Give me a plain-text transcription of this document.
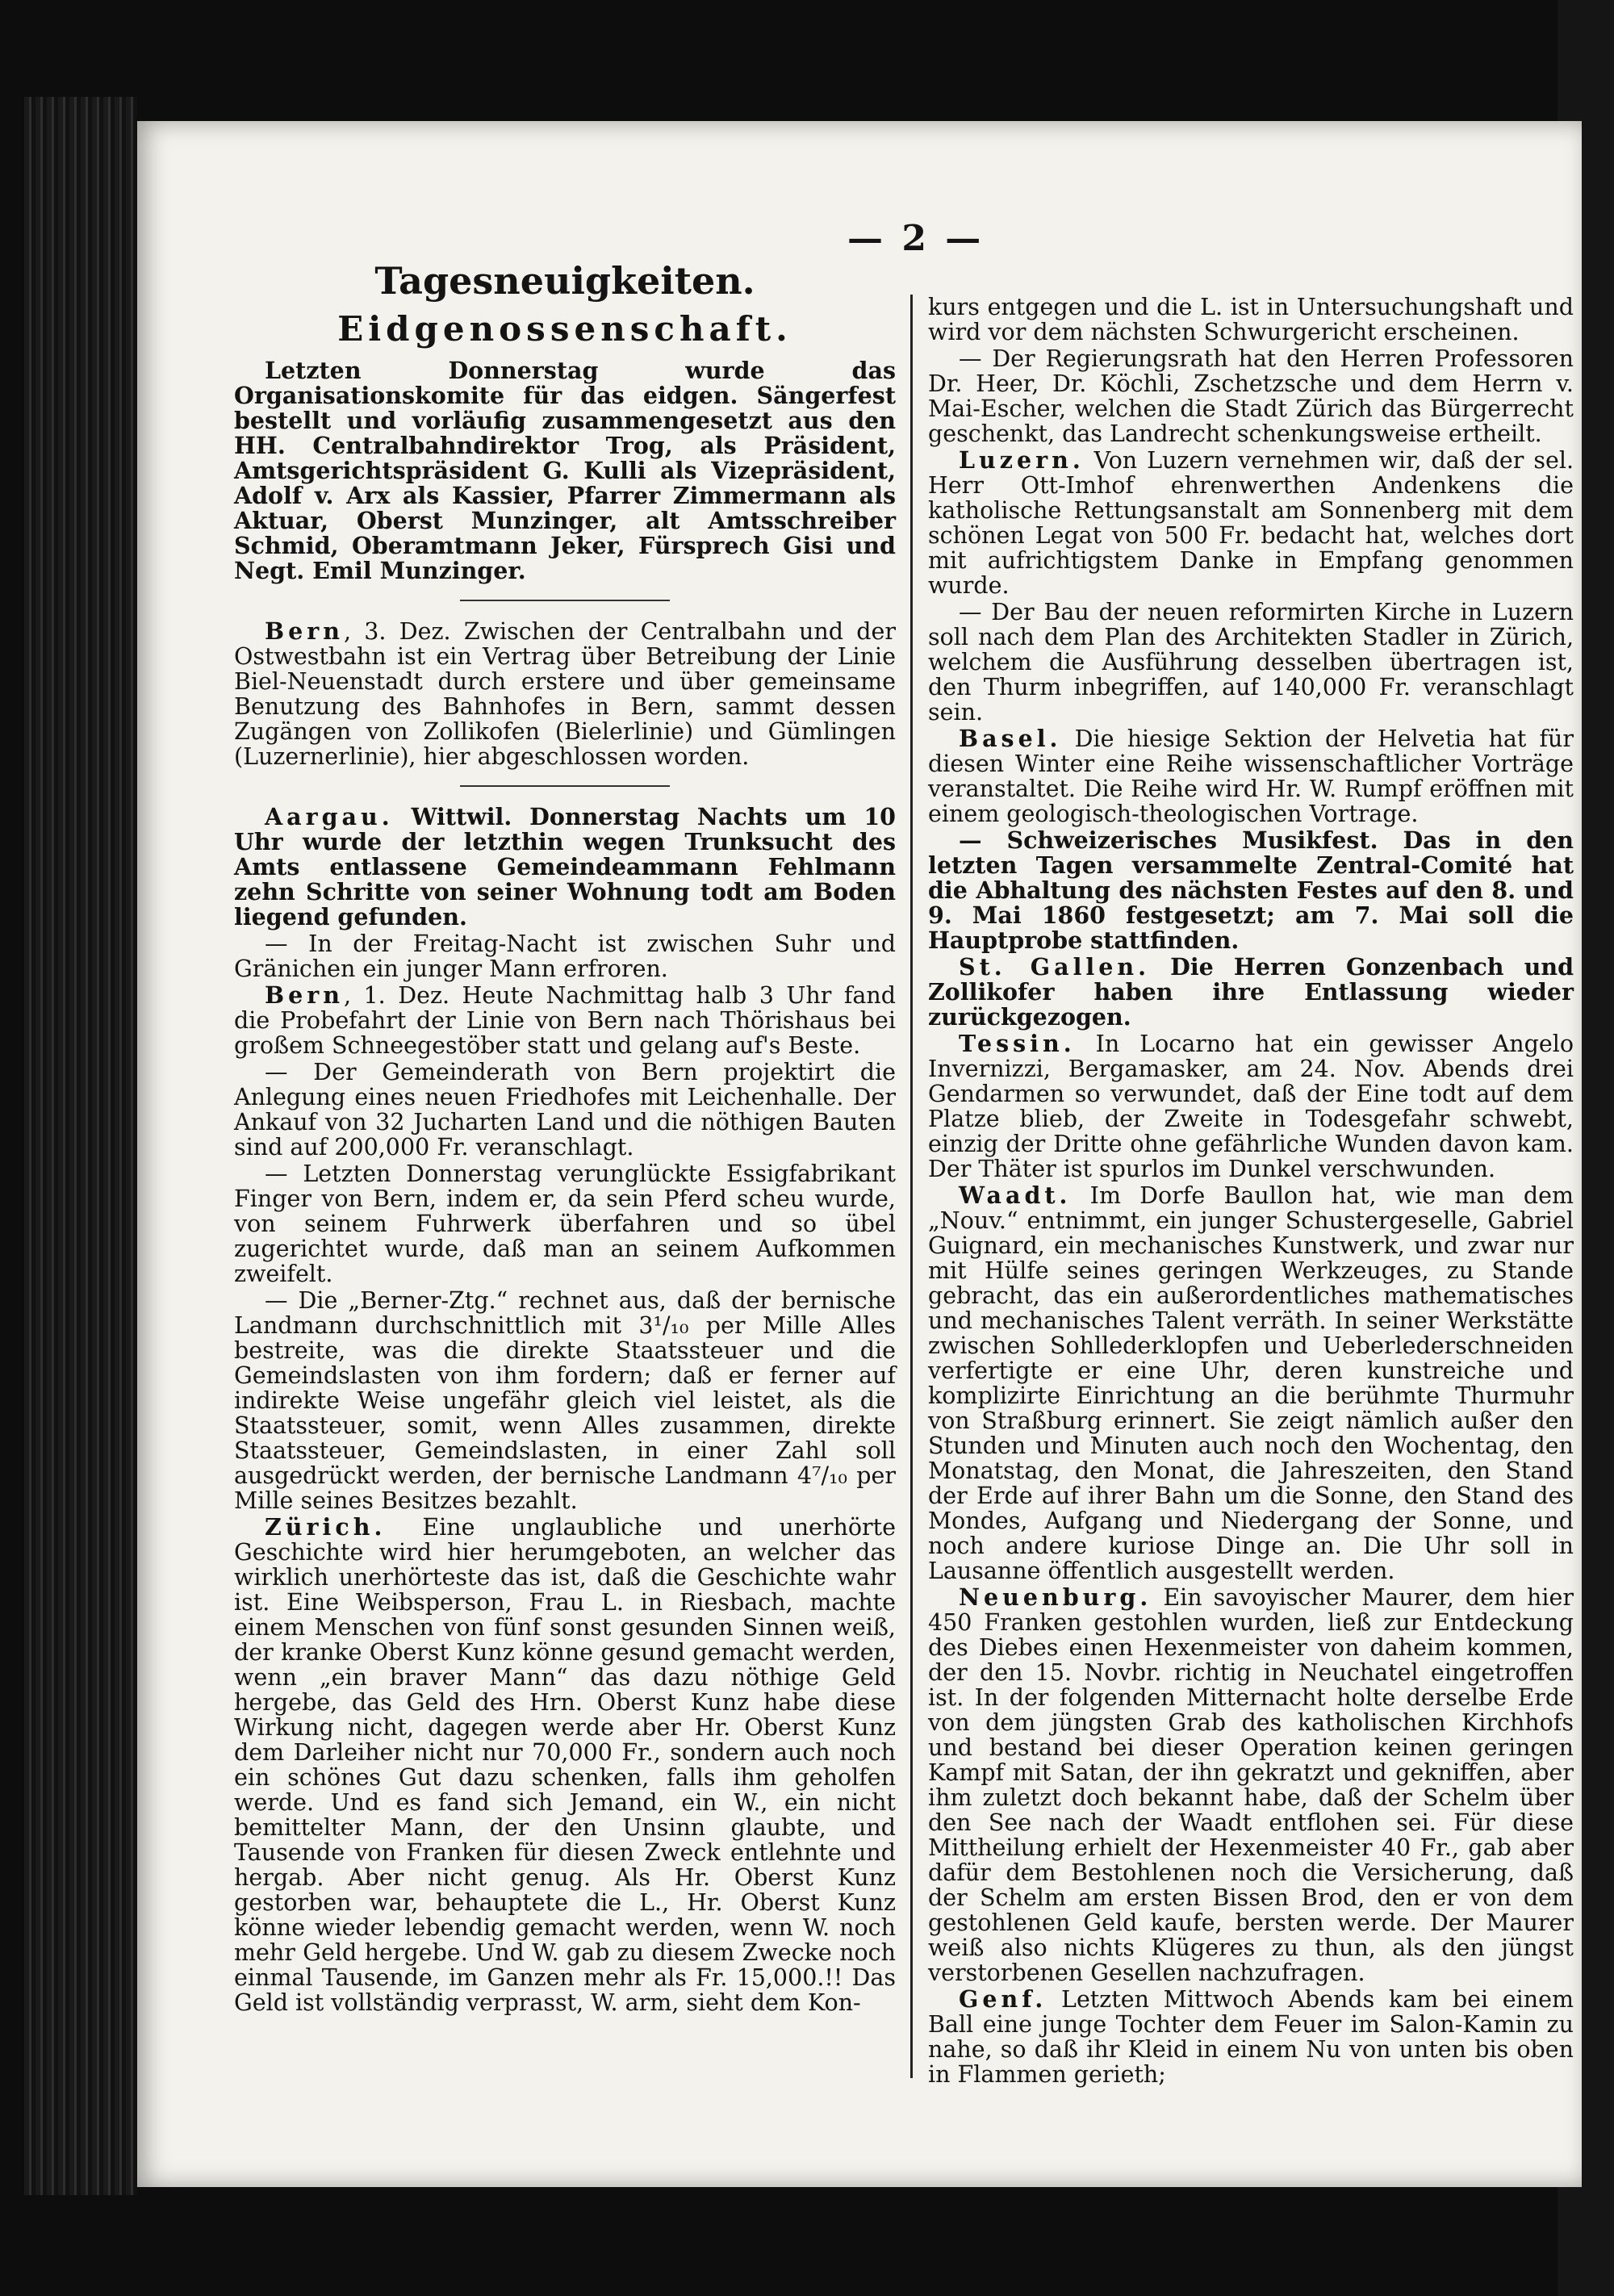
— 2 —
Tagesneuigkeiten.
Eidgenossenschaft.

Letzten Donnerstag wurde das Organisationskomite für das eidgen. Sängerfest bestellt und vorläufig zusammengesetzt aus den HH. Centralbahndirektor Trog, als Präsident, Amtsgerichtspräsident G. Kulli als Vizepräsident, Adolf v. Arx als Kassier, Pfarrer Zimmermann als Aktuar, Oberst Munzinger, alt Amtsschreiber Schmid, Oberamtmann Jeker, Fürsprech Gisi und Negt. Emil Munzinger.

Bern, 3. Dez. Zwischen der Centralbahn und der Ostwestbahn ist ein Vertrag über Betreibung der Linie Biel-Neuenstadt durch erstere und über gemeinsame Benutzung des Bahnhofes in Bern, sammt dessen Zugängen von Zollikofen (Bielerlinie) und Gümlingen (Luzernerlinie), hier abgeschlossen worden.

Aargau. Wittwil. Donnerstag Nachts um 10 Uhr wurde der letzthin wegen Trunksucht des Amts entlassene Gemeindeammann Fehlmann zehn Schritte von seiner Wohnung todt am Boden liegend gefunden.

— In der Freitag-Nacht ist zwischen Suhr und Gränichen ein junger Mann erfroren.

Bern, 1. Dez. Heute Nachmittag halb 3 Uhr fand die Probefahrt der Linie von Bern nach Thörishaus bei großem Schneegestöber statt und gelang auf's Beste.

— Der Gemeinderath von Bern projektirt die Anlegung eines neuen Friedhofes mit Leichenhalle. Der Ankauf von 32 Jucharten Land und die nöthigen Bauten sind auf 200,000 Fr. veranschlagt.

— Letzten Donnerstag verunglückte Essigfabrikant Finger von Bern, indem er, da sein Pferd scheu wurde, von seinem Fuhrwerk überfahren und so übel zugerichtet wurde, daß man an seinem Aufkommen zweifelt.

— Die „Berner-Ztg.“ rechnet aus, daß der bernische Landmann durchschnittlich mit 3¹/₁₀ per Mille Alles bestreite, was die direkte Staatssteuer und die Gemeindslasten von ihm fordern; daß er ferner auf indirekte Weise ungefähr gleich viel leistet, als die Staatssteuer, somit, wenn Alles zusammen, direkte Staatssteuer, Gemeindslasten, in einer Zahl soll ausgedrückt werden, der bernische Landmann 4⁷/₁₀ per Mille seines Besitzes bezahlt.

Zürich. Eine unglaubliche und unerhörte Geschichte wird hier herumgeboten, an welcher das wirklich unerhörteste das ist, daß die Geschichte wahr ist. Eine Weibsperson, Frau L. in Riesbach, machte einem Menschen von fünf sonst gesunden Sinnen weiß, der kranke Oberst Kunz könne gesund gemacht werden, wenn „ein braver Mann“ das dazu nöthige Geld hergebe, das Geld des Hrn. Oberst Kunz habe diese Wirkung nicht, dagegen werde aber Hr. Oberst Kunz dem Darleiher nicht nur 70,000 Fr., sondern auch noch ein schönes Gut dazu schenken, falls ihm geholfen werde. Und es fand sich Jemand, ein W., ein nicht bemittelter Mann, der den Unsinn glaubte, und Tausende von Franken für diesen Zweck entlehnte und hergab. Aber nicht genug. Als Hr. Oberst Kunz gestorben war, behauptete die L., Hr. Oberst Kunz könne wieder lebendig gemacht werden, wenn W. noch mehr Geld hergebe. Und W. gab zu diesem Zwecke noch einmal Tausende, im Ganzen mehr als Fr. 15,000.!! Das Geld ist vollständig verprasst, W. arm, sieht dem Kon-

kurs entgegen und die L. ist in Untersuchungshaft und wird vor dem nächsten Schwurgericht erscheinen.

— Der Regierungsrath hat den Herren Professoren Dr. Heer, Dr. Köchli, Zschetzsche und dem Herrn v. Mai-Escher, welchen die Stadt Zürich das Bürgerrecht geschenkt, das Landrecht schenkungsweise ertheilt.

Luzern. Von Luzern vernehmen wir, daß der sel. Herr Ott-Imhof ehrenwerthen Andenkens die katholische Rettungsanstalt am Sonnenberg mit dem schönen Legat von 500 Fr. bedacht hat, welches dort mit aufrichtigstem Danke in Empfang genommen wurde.

— Der Bau der neuen reformirten Kirche in Luzern soll nach dem Plan des Architekten Stadler in Zürich, welchem die Ausführung desselben übertragen ist, den Thurm inbegriffen, auf 140,000 Fr. veranschlagt sein.

Basel. Die hiesige Sektion der Helvetia hat für diesen Winter eine Reihe wissenschaftlicher Vorträge veranstaltet. Die Reihe wird Hr. W. Rumpf eröffnen mit einem geologisch-theologischen Vortrage.

— Schweizerisches Musikfest. Das in den letzten Tagen versammelte Zentral-Comité hat die Abhaltung des nächsten Festes auf den 8. und 9. Mai 1860 festgesetzt; am 7. Mai soll die Hauptprobe stattfinden.

St. Gallen. Die Herren Gonzenbach und Zollikofer haben ihre Entlassung wieder zurückgezogen.

Tessin. In Locarno hat ein gewisser Angelo Invernizzi, Bergamasker, am 24. Nov. Abends drei Gendarmen so verwundet, daß der Eine todt auf dem Platze blieb, der Zweite in Todesgefahr schwebt, einzig der Dritte ohne gefährliche Wunden davon kam. Der Thäter ist spurlos im Dunkel verschwunden.

Waadt. Im Dorfe Baullon hat, wie man dem „Nouv.“ entnimmt, ein junger Schustergeselle, Gabriel Guignard, ein mechanisches Kunstwerk, und zwar nur mit Hülfe seines geringen Werkzeuges, zu Stande gebracht, das ein außerordentliches mathematisches und mechanisches Talent verräth. In seiner Werkstätte zwischen Sohllederklopfen und Ueberlederschneiden verfertigte er eine Uhr, deren kunstreiche und komplizirte Einrichtung an die berühmte Thurmuhr von Straßburg erinnert. Sie zeigt nämlich außer den Stunden und Minuten auch noch den Wochentag, den Monatstag, den Monat, die Jahreszeiten, den Stand der Erde auf ihrer Bahn um die Sonne, den Stand des Mondes, Aufgang und Niedergang der Sonne, und noch andere kuriose Dinge an. Die Uhr soll in Lausanne öffentlich ausgestellt werden.

Neuenburg. Ein savoyischer Maurer, dem hier 450 Franken gestohlen wurden, ließ zur Entdeckung des Diebes einen Hexenmeister von daheim kommen, der den 15. Novbr. richtig in Neuchatel eingetroffen ist. In der folgenden Mitternacht holte derselbe Erde von dem jüngsten Grab des katholischen Kirchhofs und bestand bei dieser Operation keinen geringen Kampf mit Satan, der ihn gekratzt und gekniffen, aber ihm zuletzt doch bekannt habe, daß der Schelm über den See nach der Waadt entflohen sei. Für diese Mittheilung erhielt der Hexenmeister 40 Fr., gab aber dafür dem Bestohlenen noch die Versicherung, daß der Schelm am ersten Bissen Brod, den er von dem gestohlenen Geld kaufe, bersten werde. Der Maurer weiß also nichts Klügeres zu thun, als den jüngst verstorbenen Gesellen nachzufragen.

Genf. Letzten Mittwoch Abends kam bei einem Ball eine junge Tochter dem Feuer im Salon-Kamin zu nahe, so daß ihr Kleid in einem Nu von unten bis oben in Flammen gerieth;
